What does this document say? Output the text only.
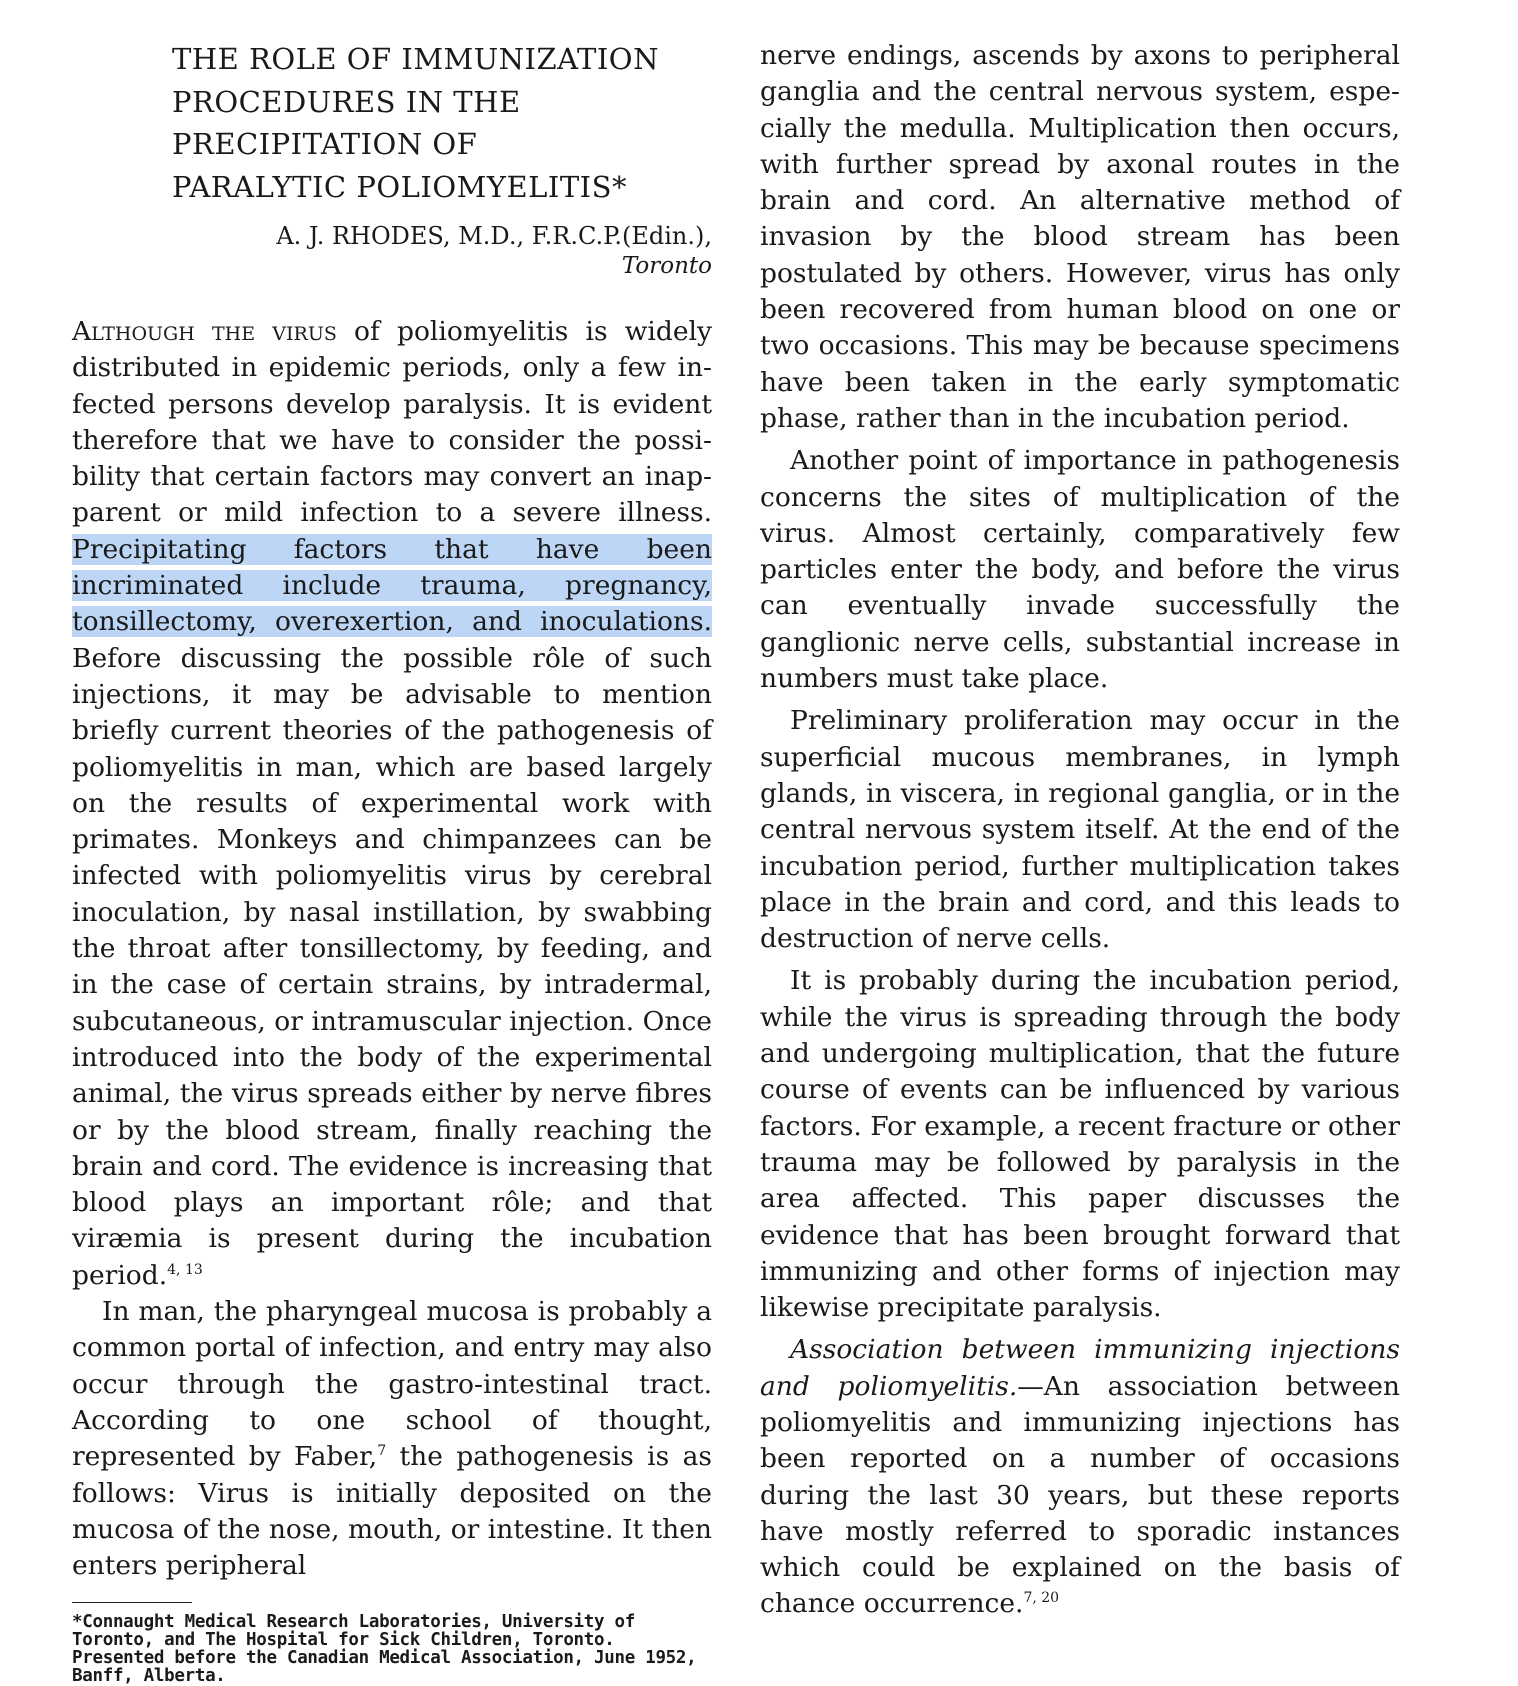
THE ROLE OF IMMUNIZATION
PROCEDURES IN THE
PRECIPITATION OF
PARALYTIC POLIOMYELITIS*
A. J. RHODES, M.D., F.R.C.P.(Edin.),
Toronto

Although the virus of poliomyelitis is widely distributed in epidemic periods, only a few infected persons develop paralysis. It is evident therefore that we have to consider the possibility that certain factors may convert an inapparent or mild infection to a severe illness. Precipitating factors that have been incriminated include trauma, pregnancy, tonsillectomy, overexertion, and inoculations. Before discussing the possible rôle of such injections, it may be advisable to mention briefly current theories of the pathogenesis of poliomyelitis in man, which are based largely on the results of experimental work with primates. Monkeys and chimpanzees can be infected with poliomyelitis virus by cerebral inoculation, by nasal instillation, by swabbing the throat after tonsillectomy, by feeding, and in the case of certain strains, by intradermal, subcutaneous, or intramuscular injection. Once introduced into the body of the experimental animal, the virus spreads either by nerve fibres or by the blood stream, finally reaching the brain and cord. The evidence is increasing that blood plays an important rôle; and that viræmia is present during the incubation period.$^{4, 13}$

In man, the pharyngeal mucosa is probably a common portal of infection, and entry may also occur through the gastro-intestinal tract. According to one school of thought, represented by Faber,$^7$ the pathogenesis is as follows: Virus is initially deposited on the mucosa of the nose, mouth, or intestine. It then enters peripheral

*Connaught Medical Research Laboratories, University of Toronto, and The Hospital for Sick Children, Toronto. Presented before the Canadian Medical Association, June 1952, Banff, Alberta.

nerve endings, ascends by axons to peripheral ganglia and the central nervous system, especially the medulla. Multiplication then occurs, with further spread by axonal routes in the brain and cord. An alternative method of invasion by the blood stream has been postulated by others. However, virus has only been recovered from human blood on one or two occasions. This may be because specimens have been taken in the early symptomatic phase, rather than in the incubation period.

Another point of importance in pathogenesis concerns the sites of multiplication of the virus. Almost certainly, comparatively few particles enter the body, and before the virus can eventually invade successfully the ganglionic nerve cells, substantial increase in numbers must take place.

Preliminary proliferation may occur in the superficial mucous membranes, in lymph glands, in viscera, in regional ganglia, or in the central nervous system itself. At the end of the incubation period, further multiplication takes place in the brain and cord, and this leads to destruction of nerve cells.

It is probably during the incubation period, while the virus is spreading through the body and undergoing multiplication, that the future course of events can be influenced by various factors. For example, a recent fracture or other trauma may be followed by paralysis in the area affected. This paper discusses the evidence that has been brought forward that immunizing and other forms of injection may likewise precipitate paralysis.

Association between immunizing injections and poliomyelitis.—An association between poliomyelitis and immunizing injections has been reported on a number of occasions during the last 30 years, but these reports have mostly referred to sporadic instances which could be explained on the basis of chance occurrence.$^{7, 20}$
